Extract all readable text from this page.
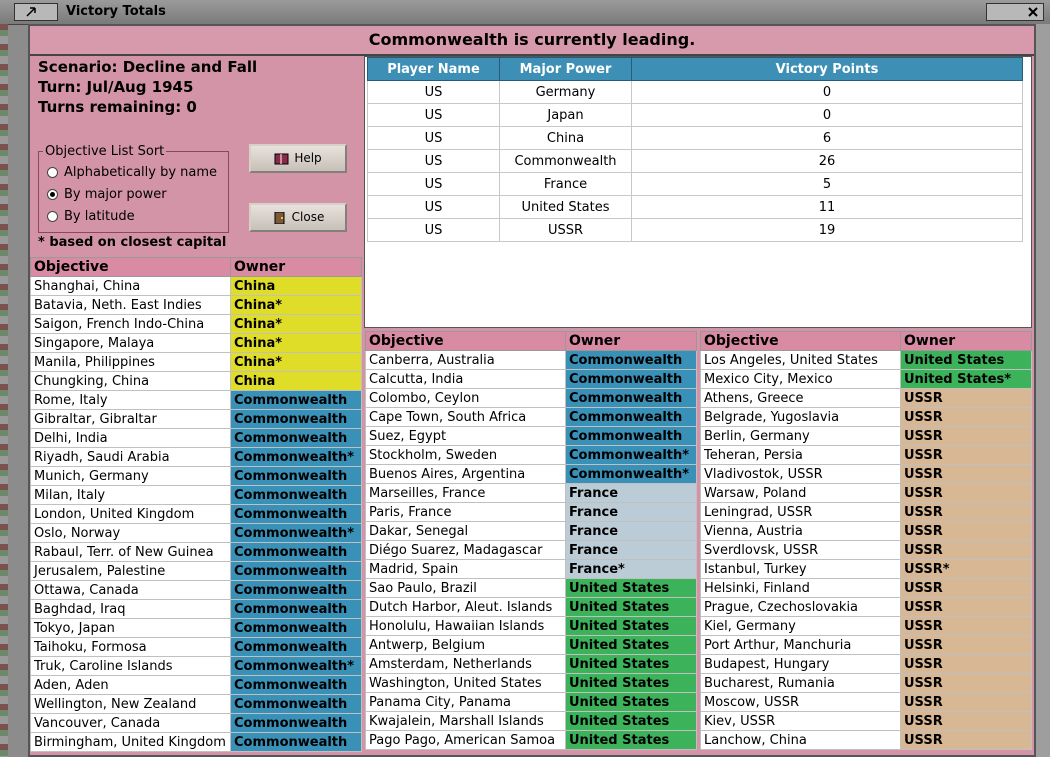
Victory Totals
Commonwealth is currently leading.
Scenario: Decline and Fall
Turn: Jul/Aug 1945
Turns remaining: 0
Objective List Sort
Alphabetically by name
By major power
By latitude
Help
Close
* based on closest capital
Player Name	Major Power	Victory Points
US	Germany	0
US	Japan	0
US	China	6
US	Commonwealth	26
US	France	5
US	United States	11
US	USSR	19
Objective	Owner
Shanghai, China	China
Batavia, Neth. East Indies	China*
Saigon, French Indo-China	China*
Singapore, Malaya	China*
Manila, Philippines	China*
Chungking, China	China
Rome, Italy	Commonwealth
Gibraltar, Gibraltar	Commonwealth
Delhi, India	Commonwealth
Riyadh, Saudi Arabia	Commonwealth*
Munich, Germany	Commonwealth
Milan, Italy	Commonwealth
London, United Kingdom	Commonwealth
Oslo, Norway	Commonwealth*
Rabaul, Terr. of New Guinea	Commonwealth
Jerusalem, Palestine	Commonwealth
Ottawa, Canada	Commonwealth
Baghdad, Iraq	Commonwealth
Tokyo, Japan	Commonwealth
Taihoku, Formosa	Commonwealth
Truk, Caroline Islands	Commonwealth*
Aden, Aden	Commonwealth
Wellington, New Zealand	Commonwealth
Vancouver, Canada	Commonwealth
Birmingham, United Kingdom	Commonwealth
Objective	Owner
Canberra, Australia	Commonwealth
Calcutta, India	Commonwealth
Colombo, Ceylon	Commonwealth
Cape Town, South Africa	Commonwealth
Suez, Egypt	Commonwealth
Stockholm, Sweden	Commonwealth*
Buenos Aires, Argentina	Commonwealth*
Marseilles, France	France
Paris, France	France
Dakar, Senegal	France
Diégo Suarez, Madagascar	France
Madrid, Spain	France*
Sao Paulo, Brazil	United States
Dutch Harbor, Aleut. Islands	United States
Honolulu, Hawaiian Islands	United States
Antwerp, Belgium	United States
Amsterdam, Netherlands	United States
Washington, United States	United States
Panama City, Panama	United States
Kwajalein, Marshall Islands	United States
Pago Pago, American Samoa	United States
Objective	Owner
Los Angeles, United States	United States
Mexico City, Mexico	United States*
Athens, Greece	USSR
Belgrade, Yugoslavia	USSR
Berlin, Germany	USSR
Teheran, Persia	USSR
Vladivostok, USSR	USSR
Warsaw, Poland	USSR
Leningrad, USSR	USSR
Vienna, Austria	USSR
Sverdlovsk, USSR	USSR
Istanbul, Turkey	USSR*
Helsinki, Finland	USSR
Prague, Czechoslovakia	USSR
Kiel, Germany	USSR
Port Arthur, Manchuria	USSR
Budapest, Hungary	USSR
Bucharest, Rumania	USSR
Moscow, USSR	USSR
Kiev, USSR	USSR
Lanchow, China	USSR
